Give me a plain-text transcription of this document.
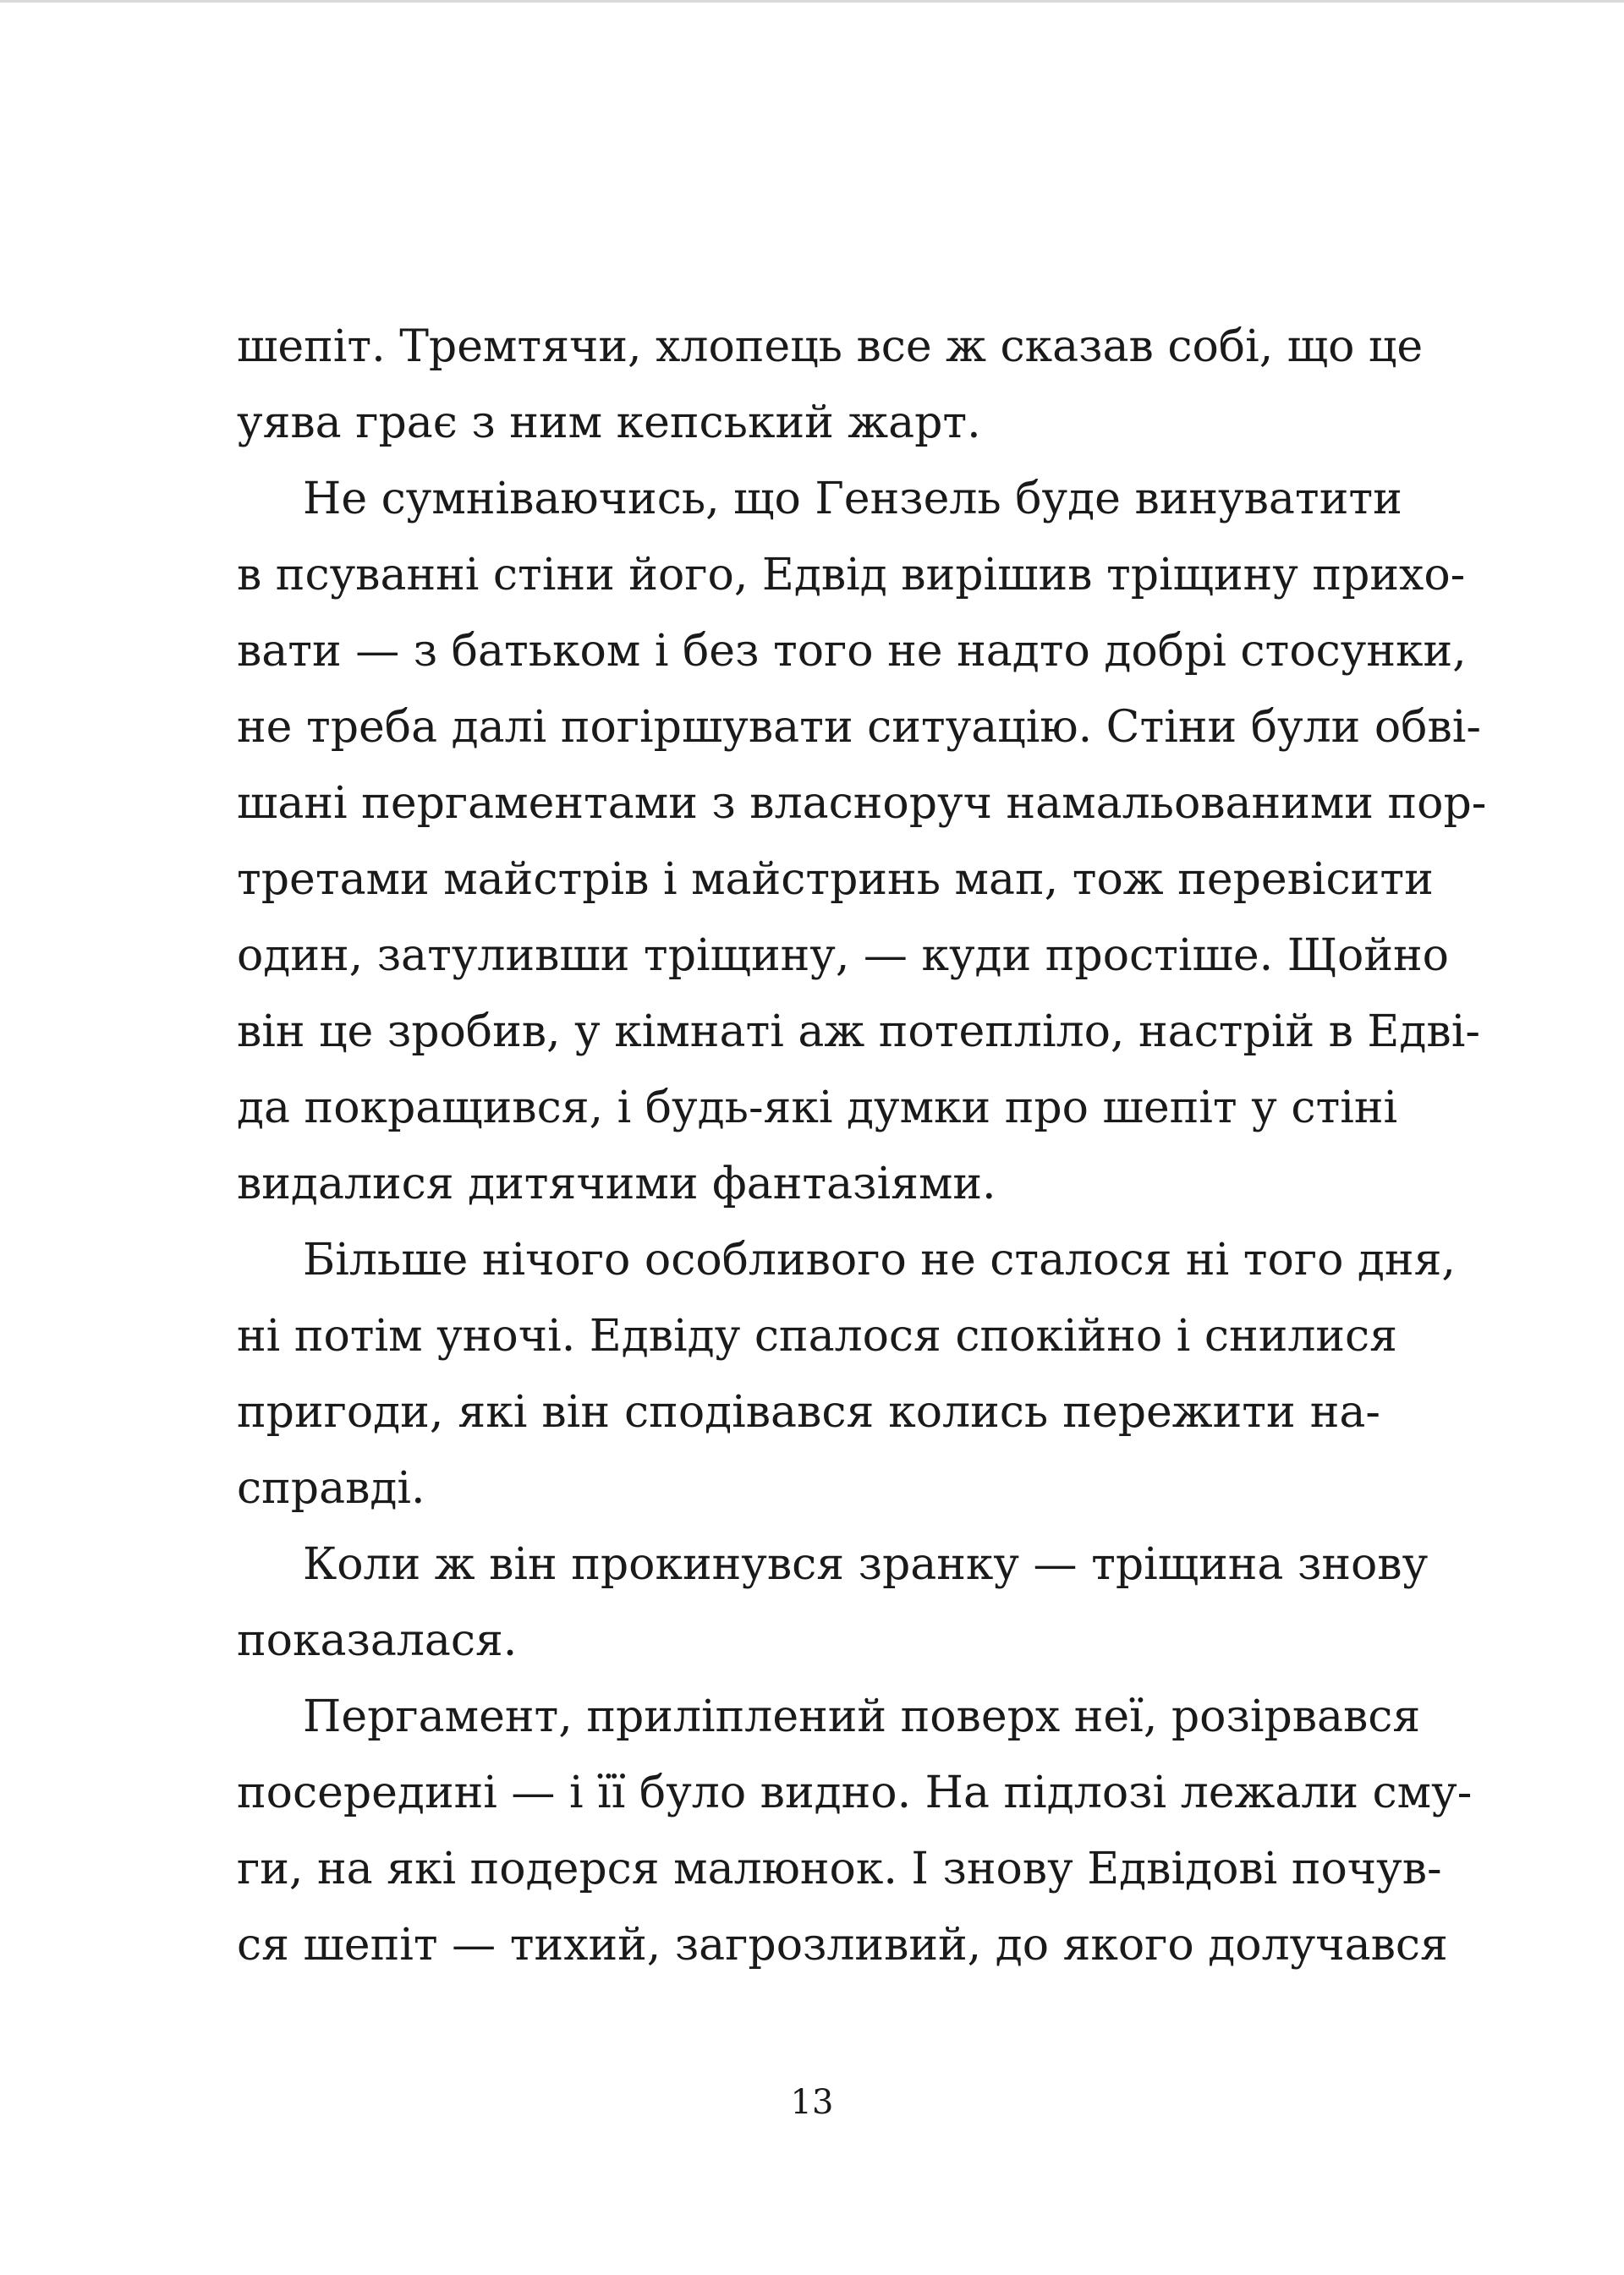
шепіт. Тремтячи, хлопець все ж сказав собі, що це
уява грає з ним кепський жарт.
Не сумніваючись, що Гензель буде винуватити
в псуванні стіни його, Едвід вирішив тріщину прихо-
вати — з батьком і без того не надто добрі стосунки,
не треба далі погіршувати ситуацію. Стіни були обві-
шані пергаментами з власноруч намальованими пор-
третами майстрів і майстринь мап, тож перевісити
один, затуливши тріщину, — куди простіше. Щойно
він це зробив, у кімнаті аж потеплілo, настрій в Едві-
да покращився, і будь-які думки про шепіт у стіні
видалися дитячими фантазіями.
Більше нічого особливого не сталося ні того дня,
ні потім уночі. Едвіду спалося спокійно і снилися
пригоди, які він сподівався колись пережити на-
справді.
Коли ж він прокинувся зранку — тріщина знову
показалася.
Пергамент, приліплений поверх неї, розірвався
посередині — і її було видно. На підлозі лежали сму-
ги, на які подерся малюнок. І знову Едвідові почув-
ся шепіт — тихий, загрозливий, до якого долучався
13
